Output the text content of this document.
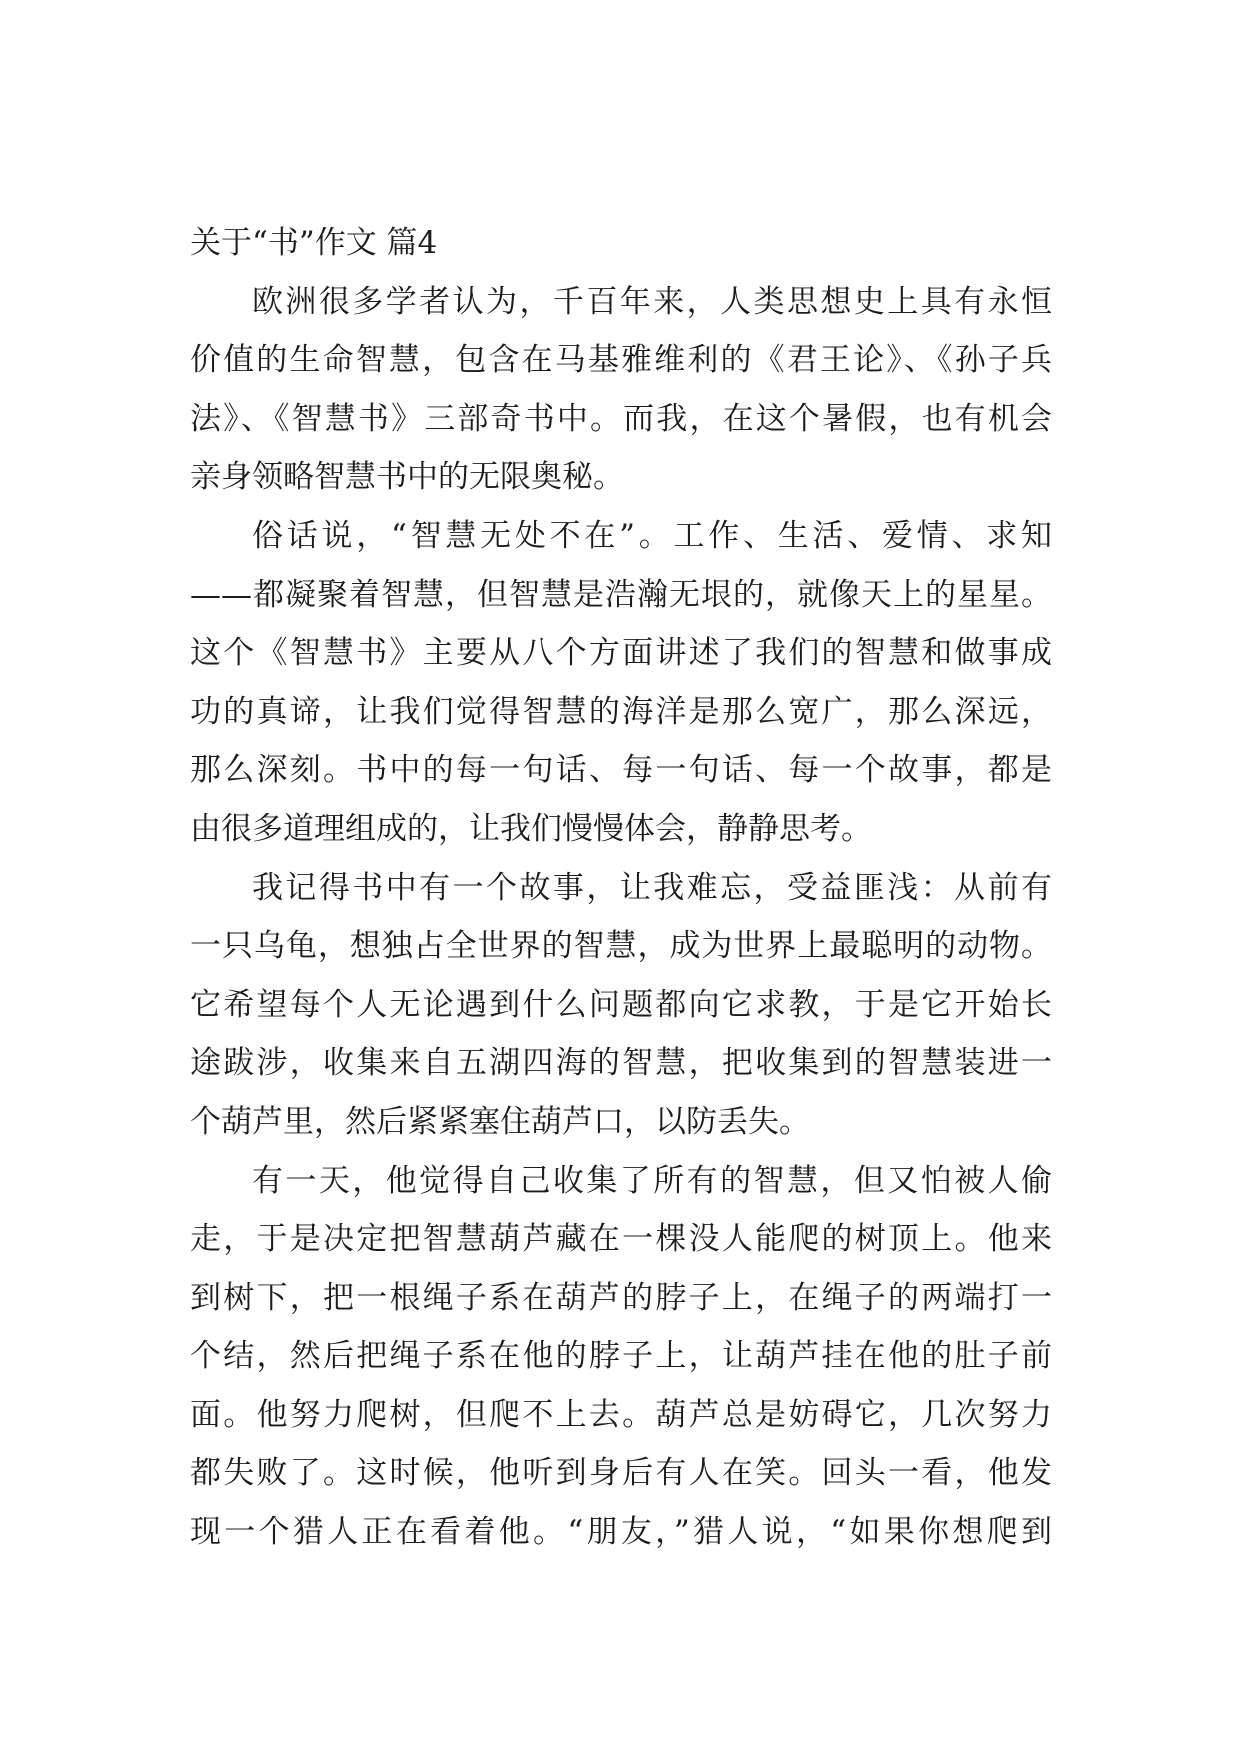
关于“书”作文 篇4
欧洲很多学者认为，千百年来，人类思想史上具有永恒
价值的生命智慧，包含在马基雅维利的《君王论》、《孙子兵
法》、《智慧书》三部奇书中。而我，在这个暑假，也有机会
亲身领略智慧书中的无限奥秘。
俗话说，“智慧无处不在”。工作、生活、爱情、求知
——都凝聚着智慧，但智慧是浩瀚无垠的，就像天上的星星。
这个《智慧书》主要从八个方面讲述了我们的智慧和做事成
功的真谛，让我们觉得智慧的海洋是那么宽广，那么深远，
那么深刻。书中的每一句话、每一句话、每一个故事，都是
由很多道理组成的，让我们慢慢体会，静静思考。
我记得书中有一个故事，让我难忘，受益匪浅：从前有
一只乌龟，想独占全世界的智慧，成为世界上最聪明的动物。
它希望每个人无论遇到什么问题都向它求教，于是它开始长
途跋涉，收集来自五湖四海的智慧，把收集到的智慧装进一
个葫芦里，然后紧紧塞住葫芦口，以防丢失。
有一天，他觉得自己收集了所有的智慧，但又怕被人偷
走，于是决定把智慧葫芦藏在一棵没人能爬的树顶上。他来
到树下，把一根绳子系在葫芦的脖子上，在绳子的两端打一
个结，然后把绳子系在他的脖子上，让葫芦挂在他的肚子前
面。他努力爬树，但爬不上去。葫芦总是妨碍它，几次努力
都失败了。这时候，他听到身后有人在笑。回头一看，他发
现一个猎人正在看着他。“朋友，”猎人说，“如果你想爬到
